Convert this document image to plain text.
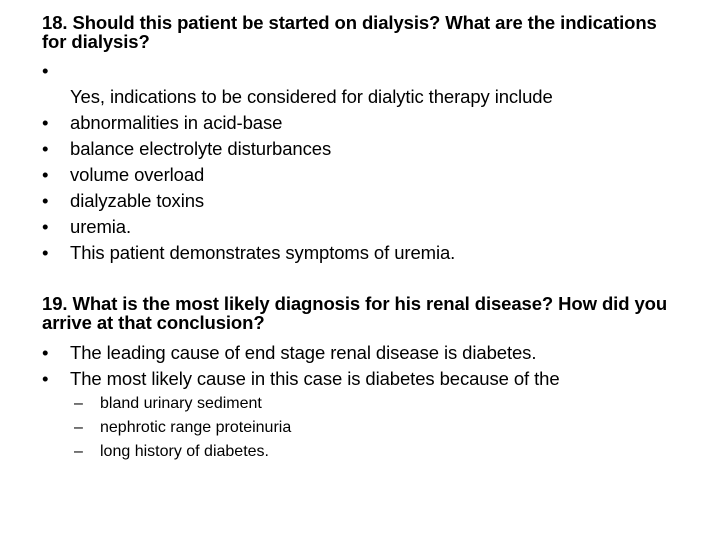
18. Should this patient be started on dialysis? What are the indications for dialysis?

•
Yes, indications to be considered for dialytic therapy include
•	abnormalities in acid-base
•	balance electrolyte disturbances
•	volume overload
•	dialyzable toxins
•	uremia.
•	This patient demonstrates symptoms of uremia.

19. What is the most likely diagnosis for his renal disease? How did you arrive at that conclusion?

•	The leading cause of end stage renal disease is diabetes.
•	The most likely cause in this case is diabetes because of the
– bland urinary sediment
– nephrotic range proteinuria
– long history of diabetes.
